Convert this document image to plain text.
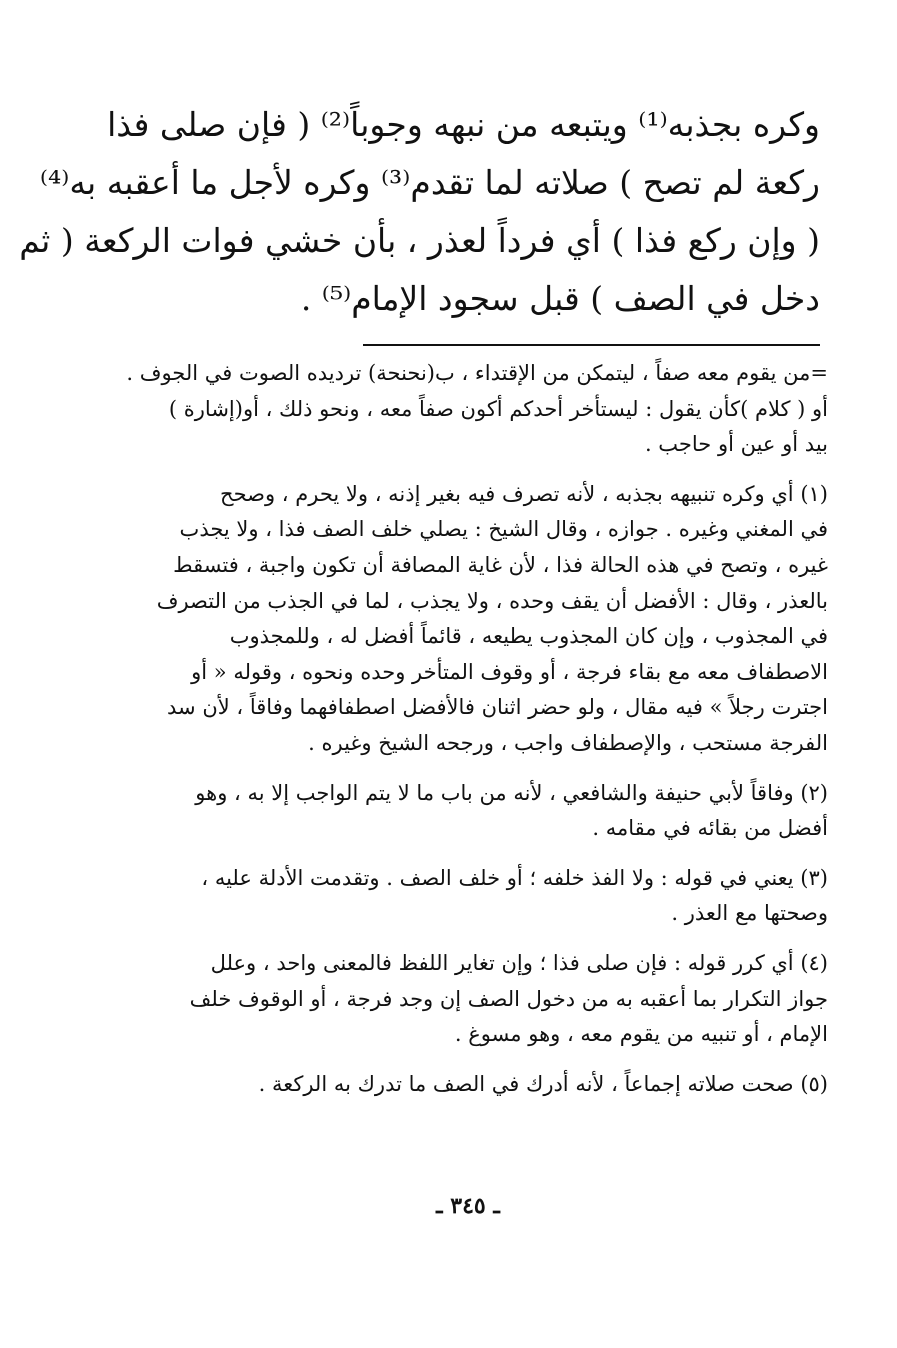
وكره بجذبه⁽¹⁾ ويتبعه من نبهه وجوباً⁽²⁾ ( فإن صلى فذا
ركعة لم تصح ) صلاته لما تقدم⁽³⁾ وكره لأجل ما أعقبه به⁽⁴⁾
( وإن ركع فذا ) أي فرداً لعذر ، بأن خشي فوات الركعة ( ثم
دخل في الصف ) قبل سجود الإمام⁽⁵⁾ .
=من يقوم معه صفاً ، ليتمكن من الإقتداء ، ب(نحنحة) ترديده الصوت في الجوف .
أو ( كلام )كأن يقول : ليستأخر أحدكم أكون صفاً معه ، ونحو ذلك ، أو(إشارة )
بيد أو عين أو حاجب .
(١) أي وكره تنبيهه بجذبه ، لأنه تصرف فيه بغير إذنه ، ولا يحرم ، وصحح
في المغني وغيره . جوازه ، وقال الشيخ : يصلي خلف الصف فذا ، ولا يجذب
غيره ، وتصح في هذه الحالة فذا ، لأن غاية المصافة أن تكون واجبة ، فتسقط
بالعذر ، وقال : الأفضل أن يقف وحده ، ولا يجذب ، لما في الجذب من التصرف
في المجذوب ، وإن كان المجذوب يطيعه ، قائماً أفضل له ، وللمجذوب
الاصطفاف معه مع بقاء فرجة ، أو وقوف المتأخر وحده ونحوه ، وقوله « أو
اجترت رجلاً » فيه مقال ، ولو حضر اثنان فالأفضل اصطفافهما وفاقاً ، لأن سد
الفرجة مستحب ، والإصطفاف واجب ، ورجحه الشيخ وغيره .
(٢) وفاقاً لأبي حنيفة والشافعي ، لأنه من باب ما لا يتم الواجب إلا به ، وهو
أفضل من بقائه في مقامه .
(٣) يعني في قوله : ولا الفذ خلفه ؛ أو خلف الصف . وتقدمت الأدلة عليه ،
وصحتها مع العذر .
(٤) أي كرر قوله : فإن صلى فذا ؛ وإن تغاير اللفظ فالمعنى واحد ، وعلل
جواز التكرار بما أعقبه به من دخول الصف إن وجد فرجة ، أو الوقوف خلف
الإمام ، أو تنبيه من يقوم معه ، وهو مسوغ .
(٥) صحت صلاته إجماعاً ، لأنه أدرك في الصف ما تدرك به الركعة .
ـ ٣٤٥ ـ
